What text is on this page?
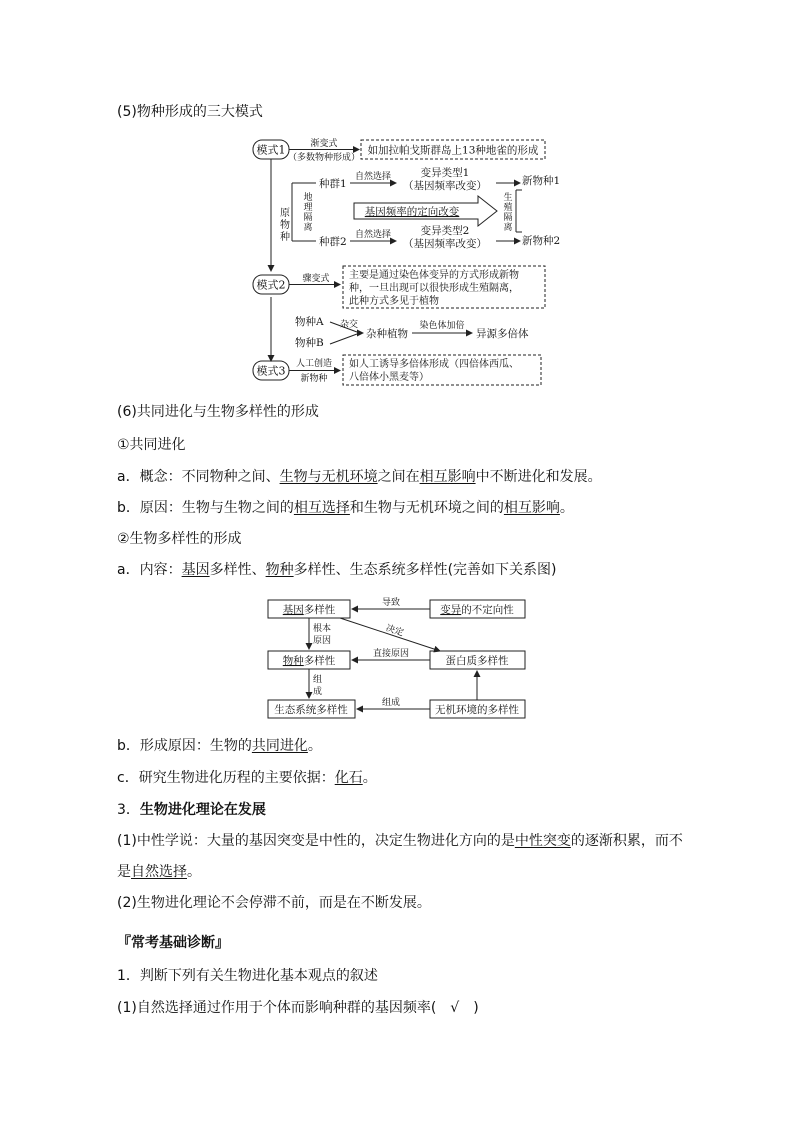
(5)物种形成的三大模式
模式1	渐变式
（多数物种形成）
如加拉帕戈斯群岛上13种地雀的形成
原
物
种
地
理
隔
离
种群1
种群2
自然选择
自然选择
变异类型1
（基因频率改变）
变异类型2
（基因频率改变）
新物种1
新物种2
基因频率的定向改变
生
殖
隔
离
模式2 骤变式 主要是通过染色体变异的方式形成新物
种，一旦出现可以很快形成生殖隔离，
此种方式多见于植物
物种A
物种B
杂交
杂种植物
染色体加倍
异源多倍体
模式3
人工创造
新物种
如人工诱导多倍体形成（四倍体西瓜、
八倍体小黑麦等）
基因多样性	变异的不定向性
导致
决定
根本
原因
物种多样性	蛋白质多样性
直接原因
组
成
生态系统多样性	无机环境的多样性
组成
(6)共同进化与生物多样性的形成
①共同进化
a．概念：不同物种之间、生物与无机环境之间在相互影响中不断进化和发展。
b．原因：生物与生物之间的相互选择和生物与无机环境之间的相互影响。
②生物多样性的形成
a．内容：基因多样性、物种多样性、生态系统多样性(完善如下关系图)
b．形成原因：生物的共同进化。
c．研究生物进化历程的主要依据：化石。
3．生物进化理论在发展
(1)中性学说：大量的基因突变是中性的，决定生物进化方向的是中性突变的逐渐积累，而不
是自然选择。
(2)生物进化理论不会停滞不前，而是在不断发展。
『常考基础诊断』
1．判断下列有关生物进化基本观点的叙述
(1)自然选择通过作用于个体而影响种群的基因频率(　√　)
